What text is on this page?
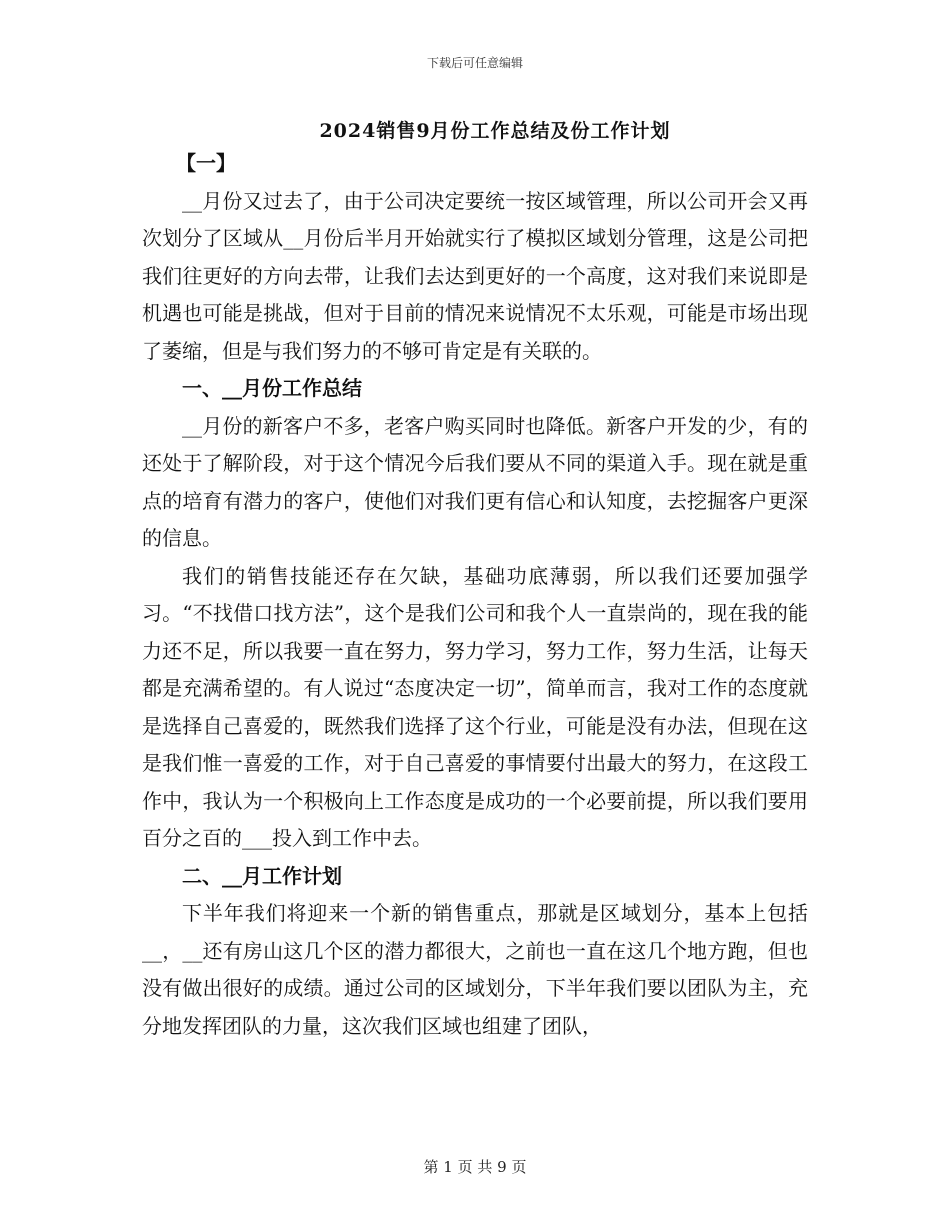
下载后可任意编辑
2024销售9月份工作总结及份工作计划

【一】

__月份又过去了，由于公司决定要统一按区域管理，所以公司开会又再次划分了区域从__月份后半月开始就实行了模拟区域划分管理，这是公司把我们往更好的方向去带，让我们去达到更好的一个高度，这对我们来说即是机遇也可能是挑战，但对于目前的情况来说情况不太乐观，可能是市场出现了萎缩，但是与我们努力的不够可肯定是有关联的。

一、__月份工作总结

__月份的新客户不多，老客户购买同时也降低。新客户开发的少，有的还处于了解阶段，对于这个情况今后我们要从不同的渠道入手。现在就是重点的培育有潜力的客户，使他们对我们更有信心和认知度，去挖掘客户更深的信息。

我们的销售技能还存在欠缺，基础功底薄弱，所以我们还要加强学习。“不找借口找方法”，这个是我们公司和我个人一直崇尚的，现在我的能力还不足，所以我要一直在努力，努力学习，努力工作，努力生活，让每天都是充满希望的。有人说过“态度决定一切”，简单而言，我对工作的态度就是选择自己喜爱的，既然我们选择了这个行业，可能是没有办法，但现在这是我们惟一喜爱的工作，对于自己喜爱的事情要付出最大的努力，在这段工作中，我认为一个积极向上工作态度是成功的一个必要前提，所以我们要用百分之百的___投入到工作中去。

二、__月工作计划

下半年我们将迎来一个新的销售重点，那就是区域划分，基本上包括__，__还有房山这几个区的潜力都很大，之前也一直在这几个地方跑，但也没有做出很好的成绩。通过公司的区域划分，下半年我们要以团队为主，充分地发挥团队的力量，这次我们区域也组建了团队，

第 1 页 共 9 页
